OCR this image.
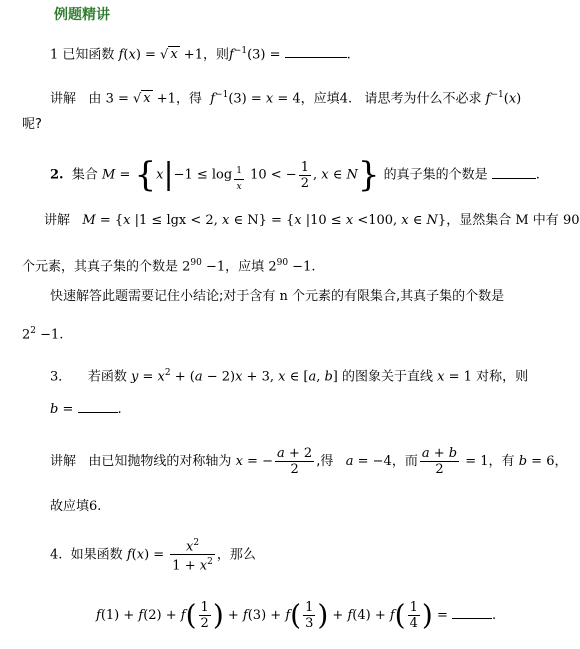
例题精讲
1 已知函数 f(x) = √ x +1，则$f^{-1}(3)$ =	.
讲解 由 3 = √ x +1，得 $f^{-1}(3) = x = 4$，应填4. 请思考为什么不必求 $f^{-1}(x)$
呢?
2. 集合 M = {x|−1 ≤ log $_{\frac{1}{x}}$ 10 < − $\frac{1}{2}$ , x ∈ N} 的真子集的个数是	.
讲解 M = {x |1 ≤ lgx < 2, x ∈ N} = {x |10 ≤ x <100, x ∈ N}，显然集合 M 中有 90
个元素，其真子集的个数是 $2^{90} -1$，应填 $2^{90} -1$.
快速解答此题需要记住小结论;对于含有 n 个元素的有限集合,其真子集的个数是
$2^2 -1$.
3． 若函数 $y = x^2 + (a - 2)x + 3$, x ∈ [a, b] 的图象关于直线 x = 1 对称，则
b =	.
讲解 由已知抛物线的对称轴为 x = − $\frac{a + 2}{2}$ ,得 a = −4，而 $\frac{a + b}{2} = 1$，有 b = 6，
故应填6.
4. 如果函数 $f(x) = \frac{x^2}{1 + x^2}$ ，那么
$f(1) + f(2) + f( \frac{1}{2}$ ) + $f(3) + f( \frac{1}{3}$ ) + $f(4) + f( \frac{1}{4}$ ) =	.
